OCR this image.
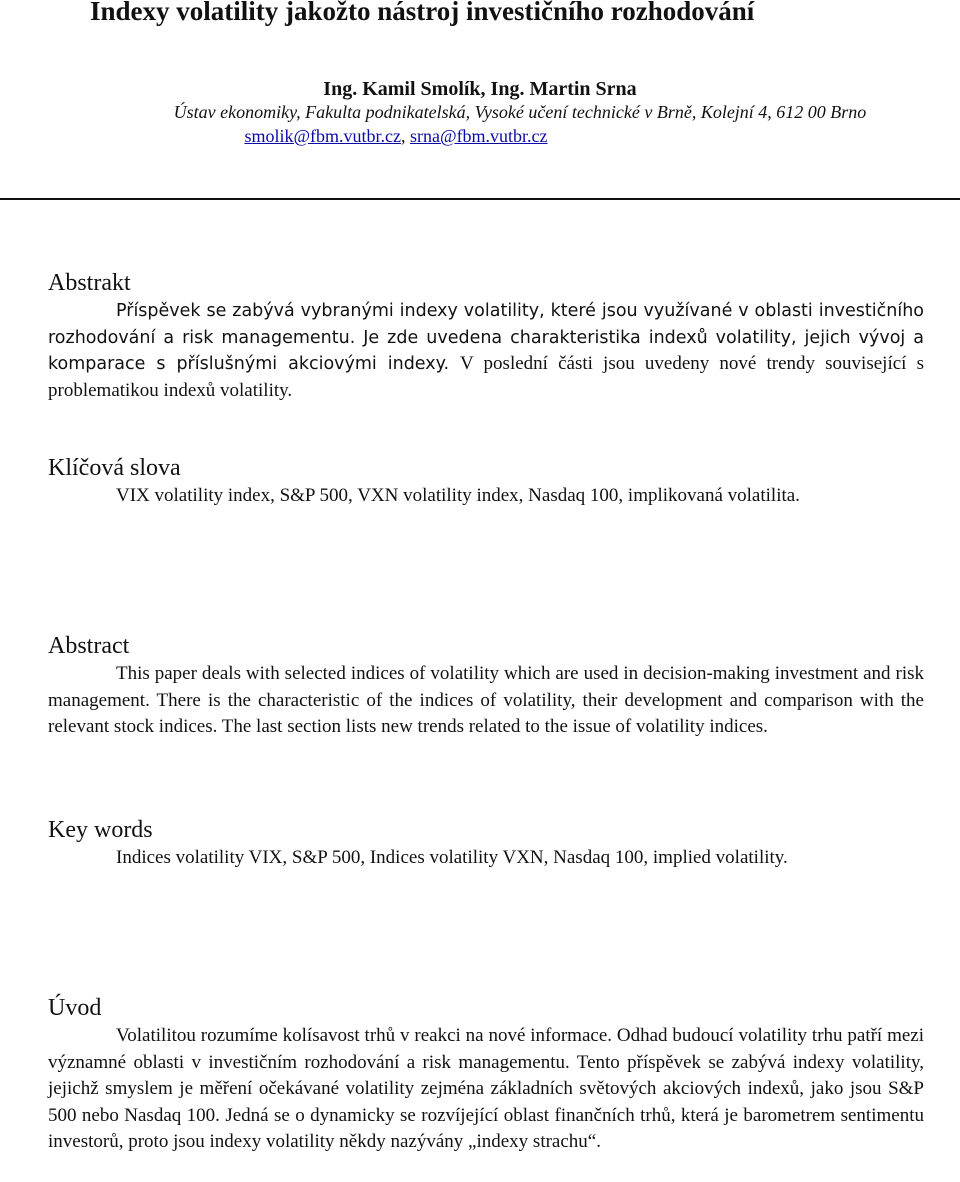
Indexy volatility jakožto nástroj investičního rozhodování

Ing. Kamil Smolík, Ing. Martin Srna

Ústav ekonomiky, Fakulta podnikatelská, Vysoké učení technické v Brně, Kolejní 4, 612 00 Brno

smolik@fbm.vutbr.cz, srna@fbm.vutbr.cz

Abstrakt

Příspěvek se zabývá vybranými indexy volatility, které jsou využívané v oblasti investičního rozhodování a risk managementu. Je zde uvedena charakteristika indexů volatility, jejich vývoj a komparace s příslušnými akciovými indexy. V poslední části jsou uvedeny nové trendy související s problematikou indexů volatility.

Klíčová slova

VIX volatility index, S&P 500, VXN volatility index, Nasdaq 100, implikovaná volatilita.

Abstract

This paper deals with selected indices of volatility which are used in decision-making investment and risk management. There is the characteristic of the indices of volatility, their development and comparison with the relevant stock indices. The last section lists new trends related to the issue of volatility indices.

Key words

Indices volatility VIX, S&P 500, Indices volatility VXN, Nasdaq 100, implied volatility.

Úvod

Volatilitou rozumíme kolísavost trhů v reakci na nové informace. Odhad budoucí volatility trhu patří mezi významné oblasti v investičním rozhodování a risk managementu. Tento příspěvek se zabývá indexy volatility, jejichž smyslem je měření očekávané volatility zejména základních světových akciových indexů, jako jsou S&P 500 nebo Nasdaq 100. Jedná se o dynamicky se rozvíjející oblast finančních trhů, která je barometrem sentimentu investorů, proto jsou indexy volatility někdy nazývány „indexy strachu“.
